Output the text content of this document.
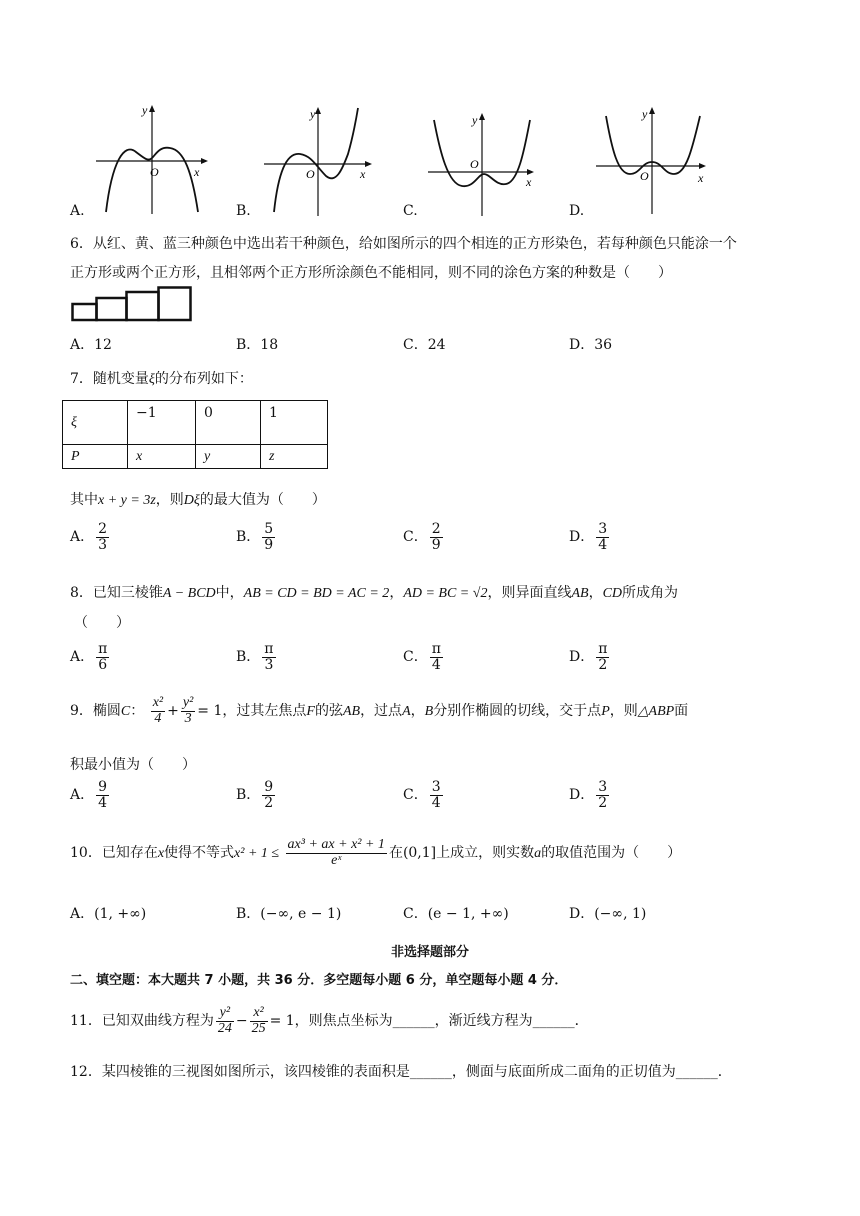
O	x
y
O	x
y
O
x
y
O	x
y
A.	B.	C.	D.
6．从红、黄、蓝三种颜色中选出若干种颜色，给如图所示的四个相连的正方形染色，若每种颜色只能涂一个
正方形或两个正方形，且相邻两个正方形所涂颜色不能相同，则不同的涂色方案的种数是（　　）
A．12	B．18	C．24	D．36
7．随机变量ξ的分布列如下：
ξ	−1	0	1
P	x	y	z
其中x + y = 3z，则Dξ的最大值为（　　）
A． $\frac{2}{3}$	B． $\frac{5}{9}$	C． $\frac{2}{9}$	D． $\frac{3}{4}$
8．已知三棱锥A − BCD中，AB = CD = BD = AC = 2，AD = BC = √2，则异面直线AB，CD所成角为
（　　）
A． $\frac{\pi}{6}$	B． $\frac{\pi}{3}$	C． $\frac{\pi}{4}$	D． $\frac{\pi}{2}$
9．椭圆C： $\frac{\text{x²}}{4} + \frac{\text{y²}}{3} = 1$，过其左焦点F的弦AB，过点A，B分别作椭圆的切线，交于点P，则△ABP面
积最小值为（　　）
A． $\frac{9}{4}$	B． $\frac{9}{2}$	C． $\frac{3}{4}$	D． $\frac{3}{2}$
10．已知存在x使得不等式$x^2 + 1 \le \frac{\text{ax³ + ax + x² + 1}}{\text{eˣ}}$ 在(0,1]上成立，则实数a的取值范围为（　　）
A．(1, +∞)	B．(−∞, e − 1)	C．(e − 1, +∞)	D．(−∞, 1)
非选择题部分
二、填空题：本大题共 7 小题，共 36 分．多空题每小题 6 分，单空题每小题 4 分．
11．已知双曲线方程为 $\frac{\text{y²}}{24} - \frac{\text{x²}}{25} = 1$，则焦点坐标为______，渐近线方程为______．
12．某四棱锥的三视图如图所示，该四棱锥的表面积是______，侧面与底面所成二面角的正切值为______．
